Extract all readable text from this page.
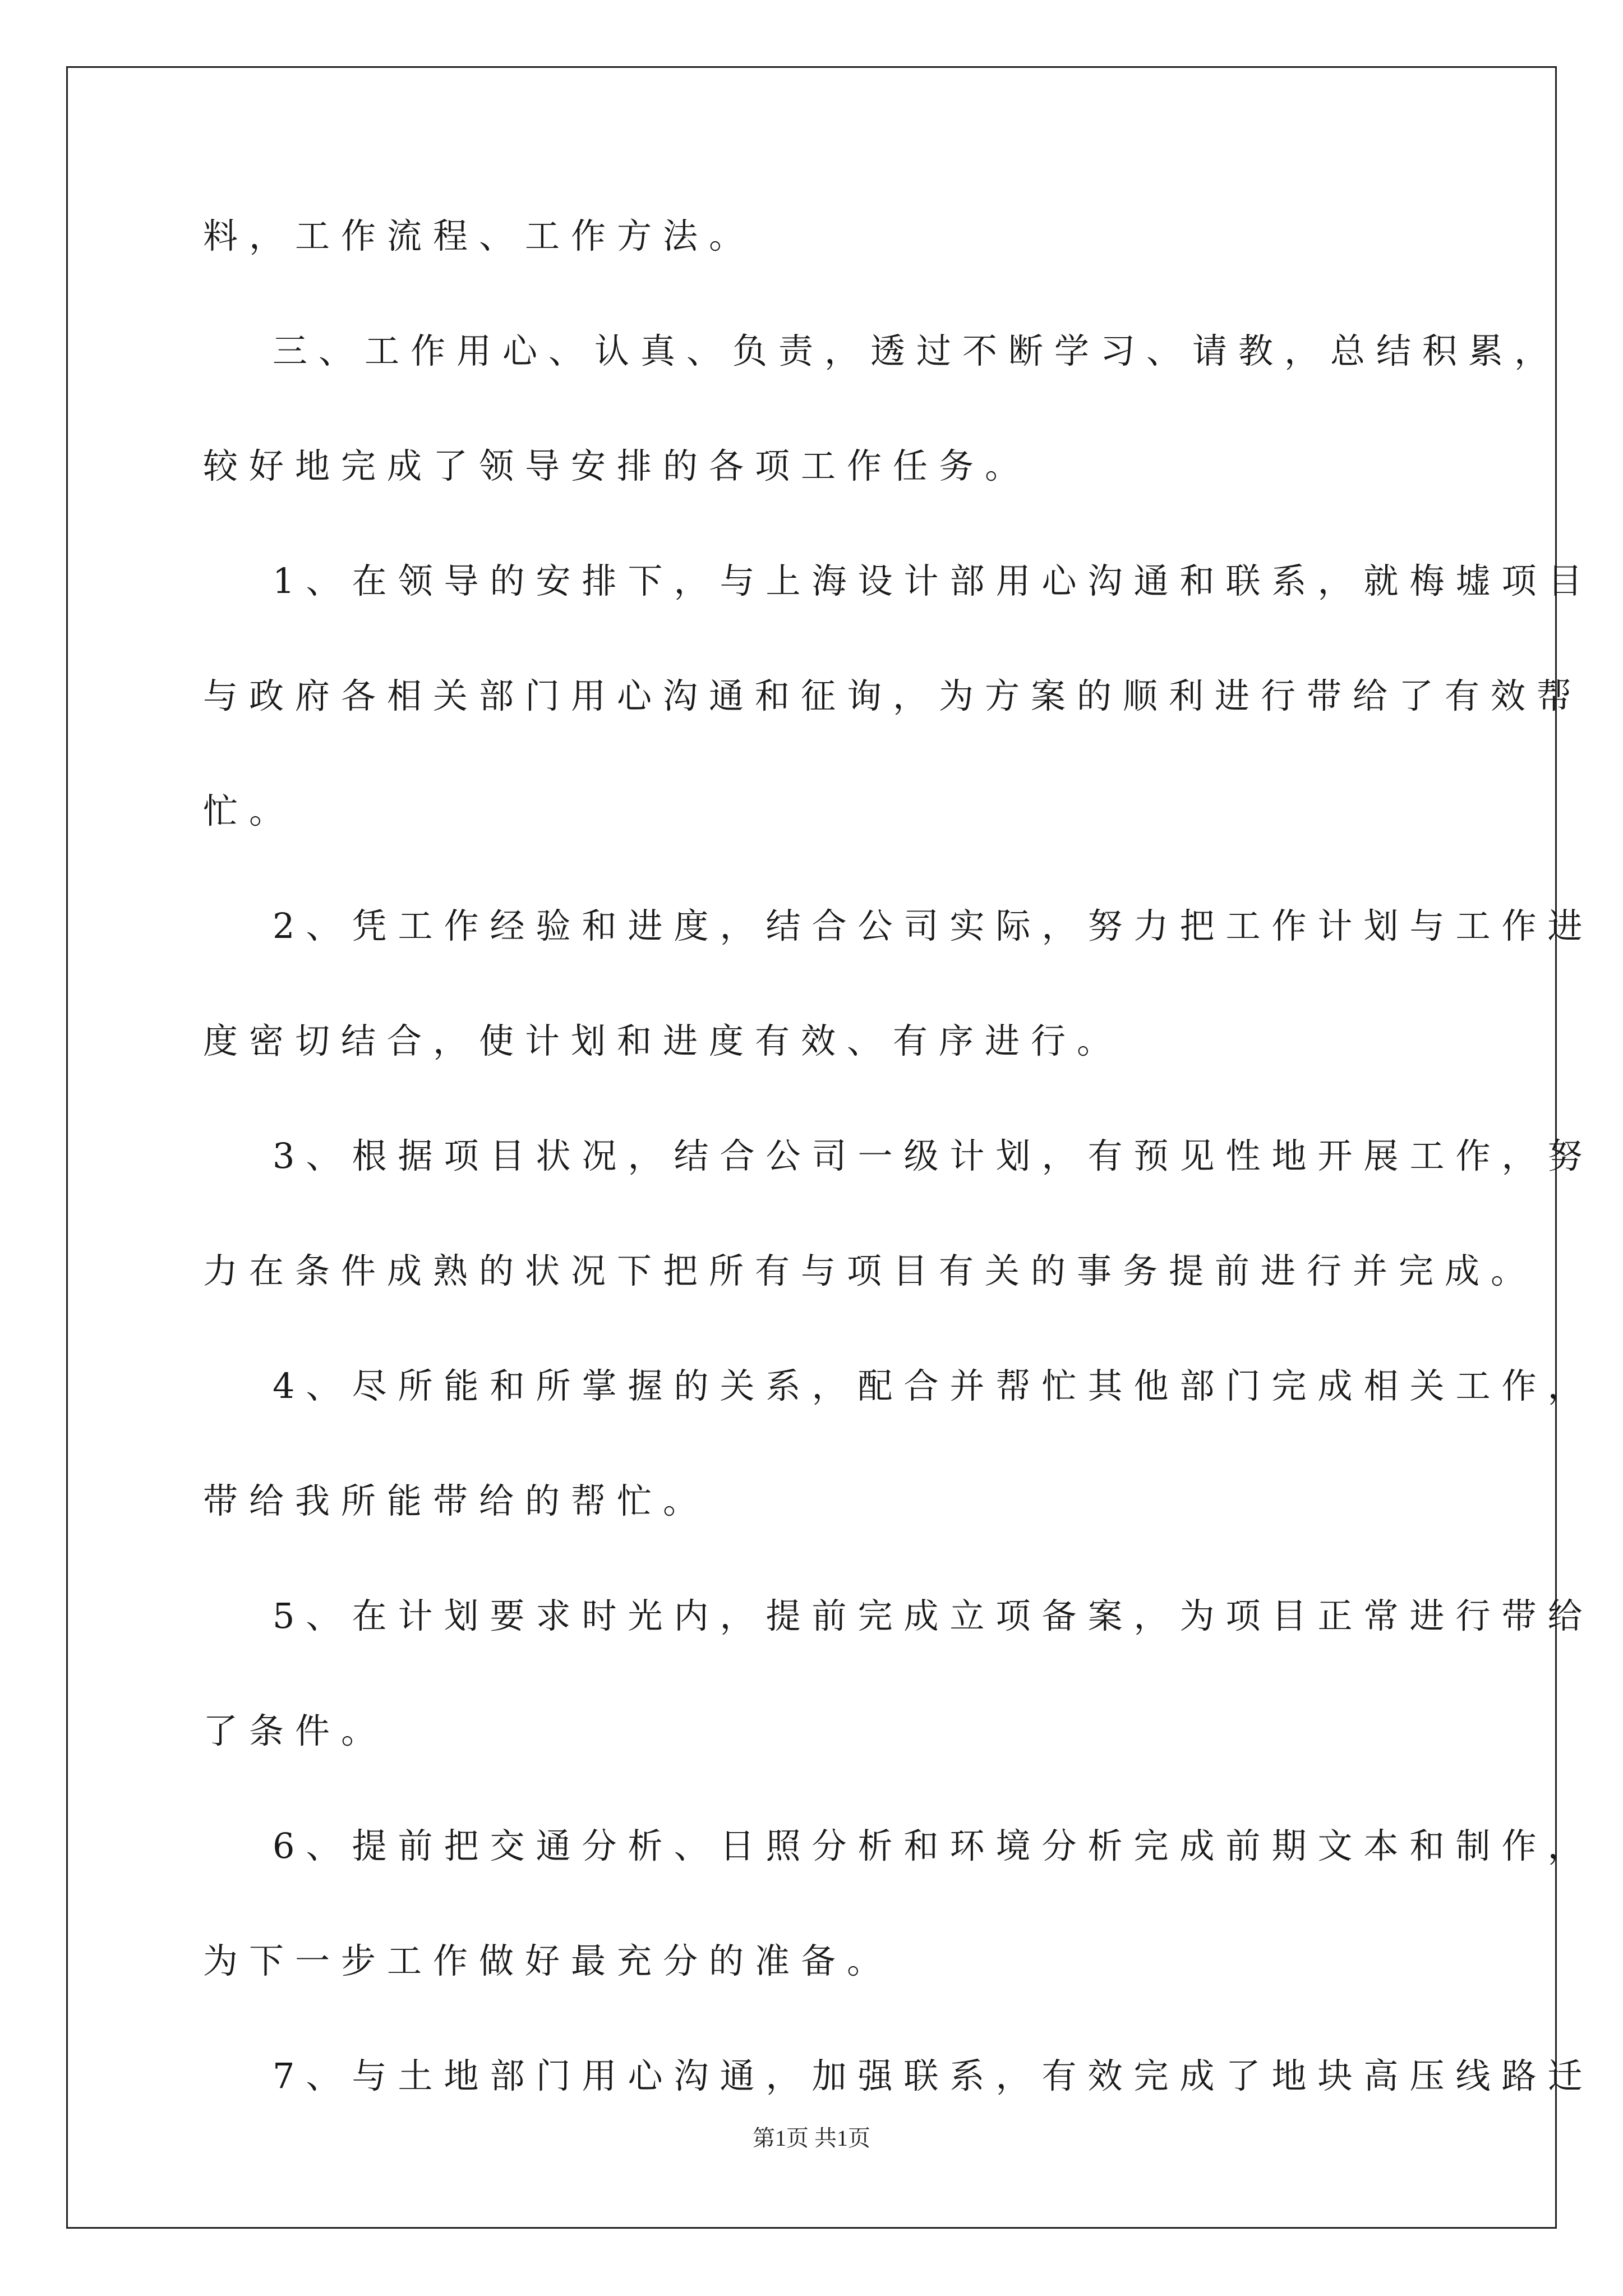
料，工作流程、工作方法。
三、工作用心、认真、负责，透过不断学习、请教，总结积累，
较好地完成了领导安排的各项工作任务。
1、在领导的安排下，与上海设计部用心沟通和联系，就梅墟项目
与政府各相关部门用心沟通和征询，为方案的顺利进行带给了有效帮
忙。
2、凭工作经验和进度，结合公司实际，努力把工作计划与工作进
度密切结合，使计划和进度有效、有序进行。
3、根据项目状况，结合公司一级计划，有预见性地开展工作，努
力在条件成熟的状况下把所有与项目有关的事务提前进行并完成。
4、尽所能和所掌握的关系，配合并帮忙其他部门完成相关工作，
带给我所能带给的帮忙。
5、在计划要求时光内，提前完成立项备案，为项目正常进行带给
了条件。
6、提前把交通分析、日照分析和环境分析完成前期文本和制作，
为下一步工作做好最充分的准备。
7、与土地部门用心沟通，加强联系，有效完成了地块高压线路迁
第1页 共1页
